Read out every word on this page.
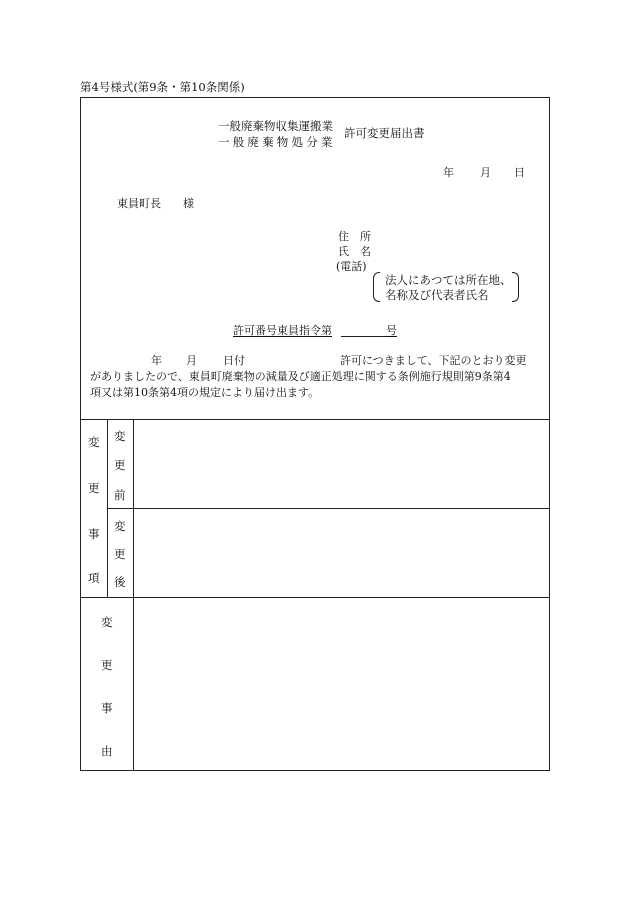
第4号様式(第9条・第10条関係)
一般廃棄物収集運搬業
一般廃棄物処分業
許可変更届出書
年 月 日
東員町長 様
住　所
氏　名
(電話)
法人にあつては所在地、
名称及び代表者氏名
許可番号東員指令第	号
年 月 日付	許可につきまして、下記のとおり変更
がありましたので、東員町廃棄物の減量及び適正処理に関する条例施行規則第9条第4
項又は第10条第4項の規定により届け出ます。
変
更
事
項
変
更
前
変
更
後
変
更
事
由
